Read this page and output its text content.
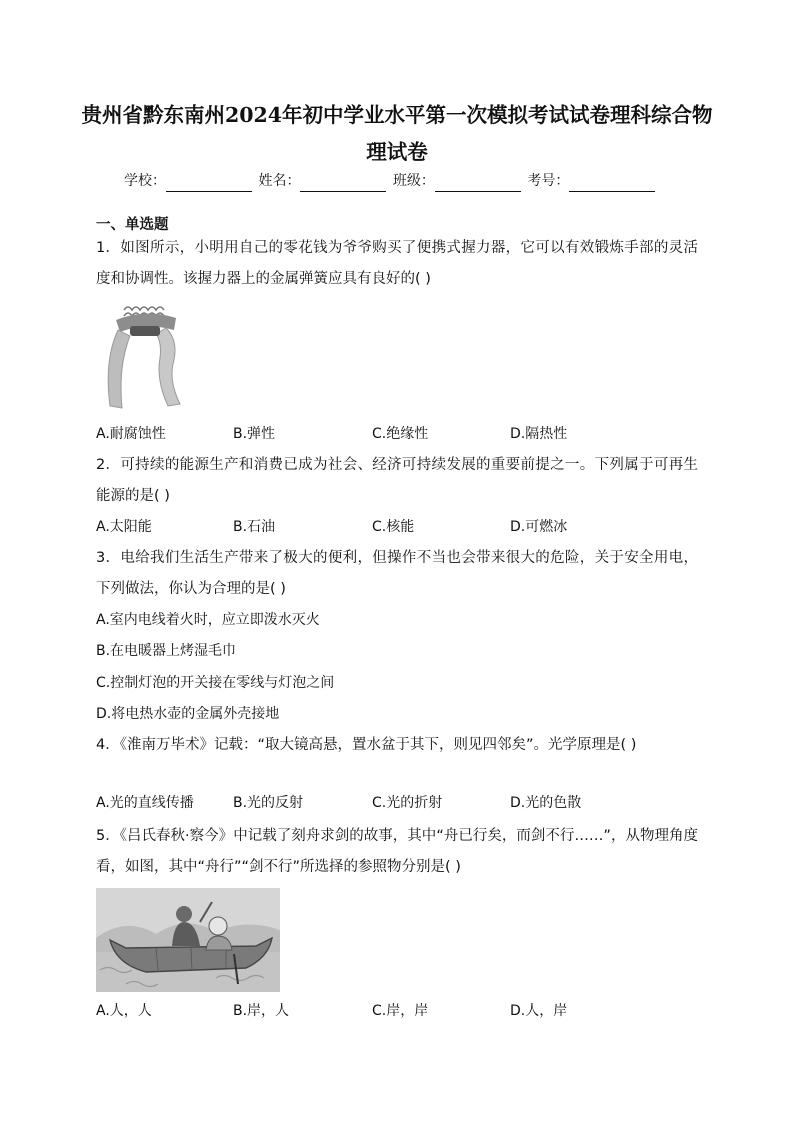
贵州省黔东南州2024年初中学业水平第一次模拟考试试卷理科综合物
理试卷
学校：	姓名：	班级：	考号：
一、单选题
1．如图所示，小明用自己的零花钱为爷爷购买了便携式握力器，它可以有效锻炼手部的灵活度和协调性。该握力器上的金属弹簧应具有良好的( )
A.耐腐蚀性	B.弹性	C.绝缘性	D.隔热性
2．可持续的能源生产和消费已成为社会、经济可持续发展的重要前提之一。下列属于可再生能源的是( )
A.太阳能	B.石油	C.核能	D.可燃冰
3．电给我们生活生产带来了极大的便利，但操作不当也会带来很大的危险，关于安全用电，下列做法，你认为合理的是( )
A.室内电线着火时，应立即泼水灭火
B.在电暖器上烤湿毛巾
C.控制灯泡的开关接在零线与灯泡之间
D.将电热水壶的金属外壳接地
4．《淮南万毕术》记载：“取大镜高悬，置水盆于其下，则见四邻矣”。光学原理是( )
A.光的直线传播	B.光的反射	C.光的折射	D.光的色散
5．《吕氏春秋·察今》中记载了刻舟求剑的故事，其中“舟已行矣，而剑不行……”，从物理角度看，如图，其中“舟行”“剑不行”所选择的参照物分别是( )
A.人，人	B.岸，人	C.岸，岸	D.人，岸
